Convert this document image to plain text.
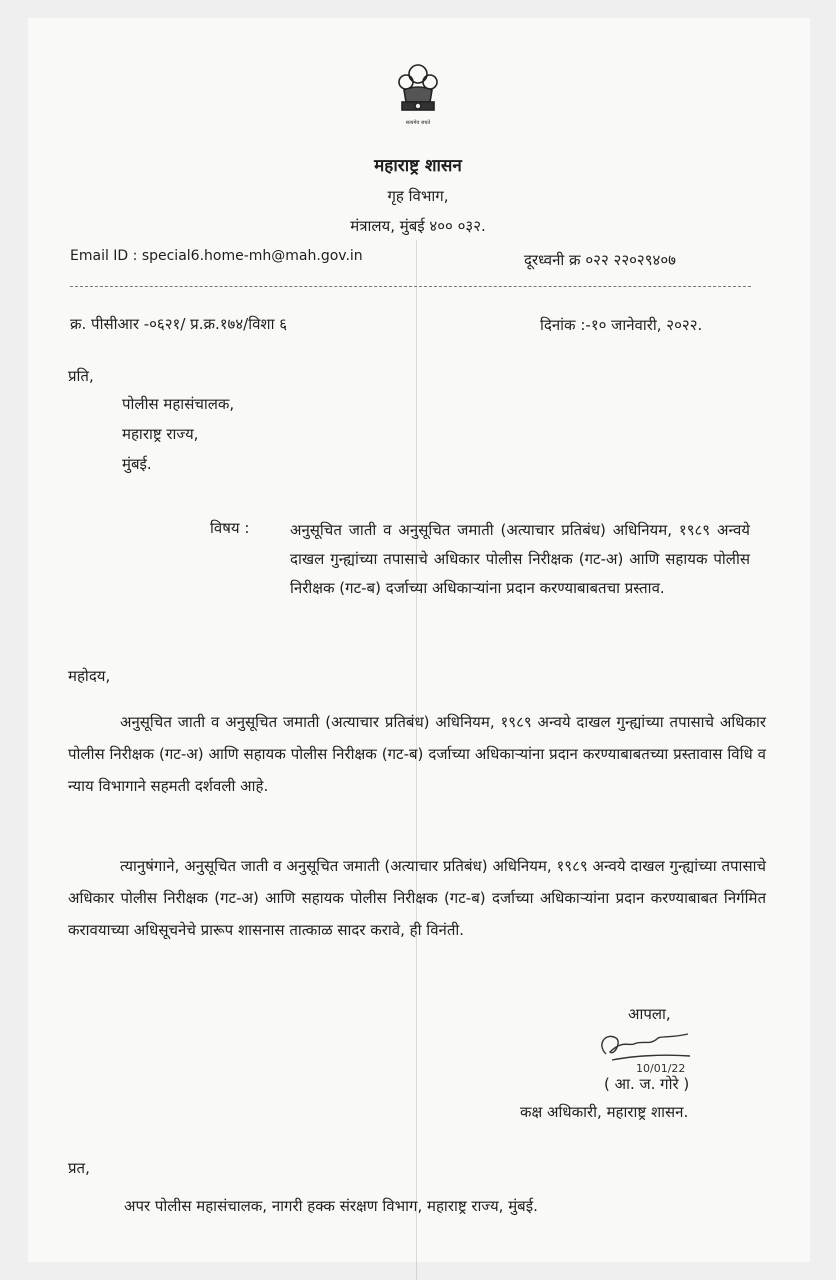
सत्यमेव जयते
महाराष्ट्र शासन
गृह विभाग,
मंत्रालय, मुंबई ४०० ०३२.
Email ID : special6.home-mh@mah.gov.in	दूरध्वनी क्र ०२२ २२०२९४०७
क्र. पीसीआर -०६२१/ प्र.क्र.१७४/विशा ६	दिनांक :-१० जानेवारी, २०२२.
प्रति,
पोलीस महासंचालक,
महाराष्ट्र राज्य,
मुंबई.
विषय :	अनुसूचित जाती व अनुसूचित जमाती (अत्याचार प्रतिबंध) अधिनियम, १९८९ अन्वये दाखल गुन्ह्यांच्या तपासाचे अधिकार पोलीस निरीक्षक (गट-अ) आणि सहायक पोलीस निरीक्षक (गट-ब) दर्जाच्या अधिकाऱ्यांना प्रदान करण्याबाबतचा प्रस्ताव.
महोदय,
अनुसूचित जाती व अनुसूचित जमाती (अत्याचार प्रतिबंध) अधिनियम, १९८९ अन्वये दाखल गुन्ह्यांच्या तपासाचे अधिकार पोलीस निरीक्षक (गट-अ) आणि सहायक पोलीस निरीक्षक (गट-ब) दर्जाच्या अधिकाऱ्यांना प्रदान करण्याबाबतच्या प्रस्तावास विधि व न्याय विभागाने सहमती दर्शवली आहे.
त्यानुषंगाने, अनुसूचित जाती व अनुसूचित जमाती (अत्याचार प्रतिबंध) अधिनियम, १९८९ अन्वये दाखल गुन्ह्यांच्या तपासाचे अधिकार पोलीस निरीक्षक (गट-अ) आणि सहायक पोलीस निरीक्षक (गट-ब) दर्जाच्या अधिकाऱ्यांना प्रदान करण्याबाबत निर्गमित करावयाच्या अधिसूचनेचे प्रारूप शासनास तात्काळ सादर करावे, ही विनंती.
आपला,
10/01/22
( आ. ज. गोरे )
कक्ष अधिकारी, महाराष्ट्र शासन.
प्रत,
अपर पोलीस महासंचालक, नागरी हक्क संरक्षण विभाग, महाराष्ट्र राज्य, मुंबई.
